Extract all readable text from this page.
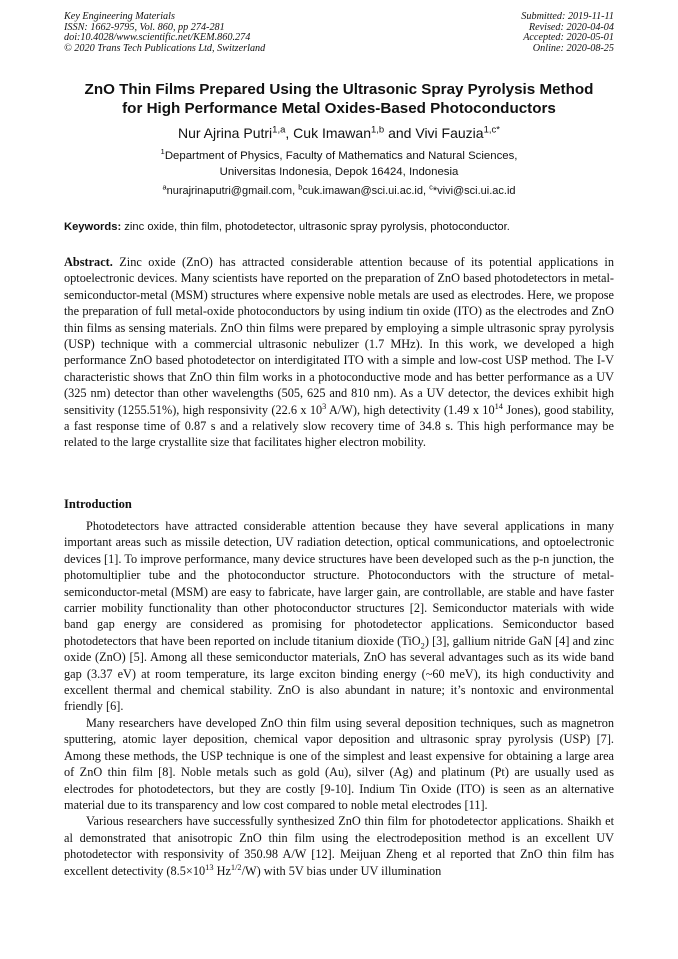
Key Engineering Materials
ISSN: 1662-9795, Vol. 860, pp 274-281
doi:10.4028/www.scientific.net/KEM.860.274
© 2020 Trans Tech Publications Ltd, Switzerland
Submitted: 2019-11-11
Revised: 2020-04-04
Accepted: 2020-05-01
Online: 2020-08-25
ZnO Thin Films Prepared Using the Ultrasonic Spray Pyrolysis Method
for High Performance Metal Oxides-Based Photoconductors
Nur Ajrina Putri$^{1,a}$, Cuk Imawan$^{1,b}$ and Vivi Fauzia$^{1,c*}$
$^1$Department of Physics, Faculty of Mathematics and Natural Sciences,
Universitas Indonesia, Depok 16424, Indonesia
$^a$nurajrinaputri@gmail.com, $^b$cuk.imawan@sci.ui.ac.id, $^c$*vivi@sci.ui.ac.id
Keywords: zinc oxide, thin film, photodetector, ultrasonic spray pyrolysis, photoconductor.
Abstract. Zinc oxide (ZnO) has attracted considerable attention because of its potential applications in optoelectronic devices. Many scientists have reported on the preparation of ZnO based photodetectors in metal-semiconductor-metal (MSM) structures where expensive noble metals are used as electrodes. Here, we propose the preparation of full metal-oxide photoconductors by using indium tin oxide (ITO) as the electrodes and ZnO thin films as sensing materials. ZnO thin films were prepared by employing a simple ultrasonic spray pyrolysis (USP) technique with a commercial ultrasonic nebulizer (1.7 MHz). In this work, we developed a high performance ZnO based photodetector on interdigitated ITO with a simple and low-cost USP method. The I-V characteristic shows that ZnO thin film works in a photoconductive mode and has better performance as a UV (325 nm) detector than other wavelengths (505, 625 and 810 nm). As a UV detector, the devices exhibit high sensitivity (1255.51%), high responsivity (22.6 x $10^3$ A/W), high detectivity (1.49 x $10^{14}$ Jones), good stability, a fast response time of 0.87 s and a relatively slow recovery time of 34.8 s. This high performance may be related to the large crystallite size that facilitates higher electron mobility.
Introduction

Photodetectors have attracted considerable attention because they have several applications in many important areas such as missile detection, UV radiation detection, optical communications, and optoelectronic devices [1]. To improve performance, many device structures have been developed such as the p-n junction, the photomultiplier tube and the photoconductor structure. Photoconductors with the structure of metal-semiconductor-metal (MSM) are easy to fabricate, have larger gain, are controllable, are stable and have faster carrier mobility functionality than other photoconductor structures [2]. Semiconductor materials with wide band gap energy are considered as promising for photodetector applications. Semiconductor based photodetectors that have been reported on include titanium dioxide (TiO$_2$) [3], gallium nitride GaN [4] and zinc oxide (ZnO) [5]. Among all these semiconductor materials, ZnO has several advantages such as its wide band gap (3.37 eV) at room temperature, its large exciton binding energy (~60 meV), its high conductivity and excellent thermal and chemical stability. ZnO is also abundant in nature; it’s nontoxic and environmental friendly [6].

Many researchers have developed ZnO thin film using several deposition techniques, such as magnetron sputtering, atomic layer deposition, chemical vapor deposition and ultrasonic spray pyrolysis (USP) [7]. Among these methods, the USP technique is one of the simplest and least expensive for obtaining a large area of ZnO thin film [8]. Noble metals such as gold (Au), silver (Ag) and platinum (Pt) are usually used as electrodes for photodetectors, but they are costly [9-10]. Indium Tin Oxide (ITO) is seen as an alternative material due to its transparency and low cost compared to noble metal electrodes [11].

Various researchers have successfully synthesized ZnO thin film for photodetector applications. Shaikh et al demonstrated that anisotropic ZnO thin film using the electrodeposition method is an excellent UV photodetector with responsivity of 350.98 A/W [12]. Meijuan Zheng et al reported that ZnO thin film has excellent detectivity ($8.5\times 10^{13}$ $Hz^{1/2}/W$) with 5V bias under UV illumination
